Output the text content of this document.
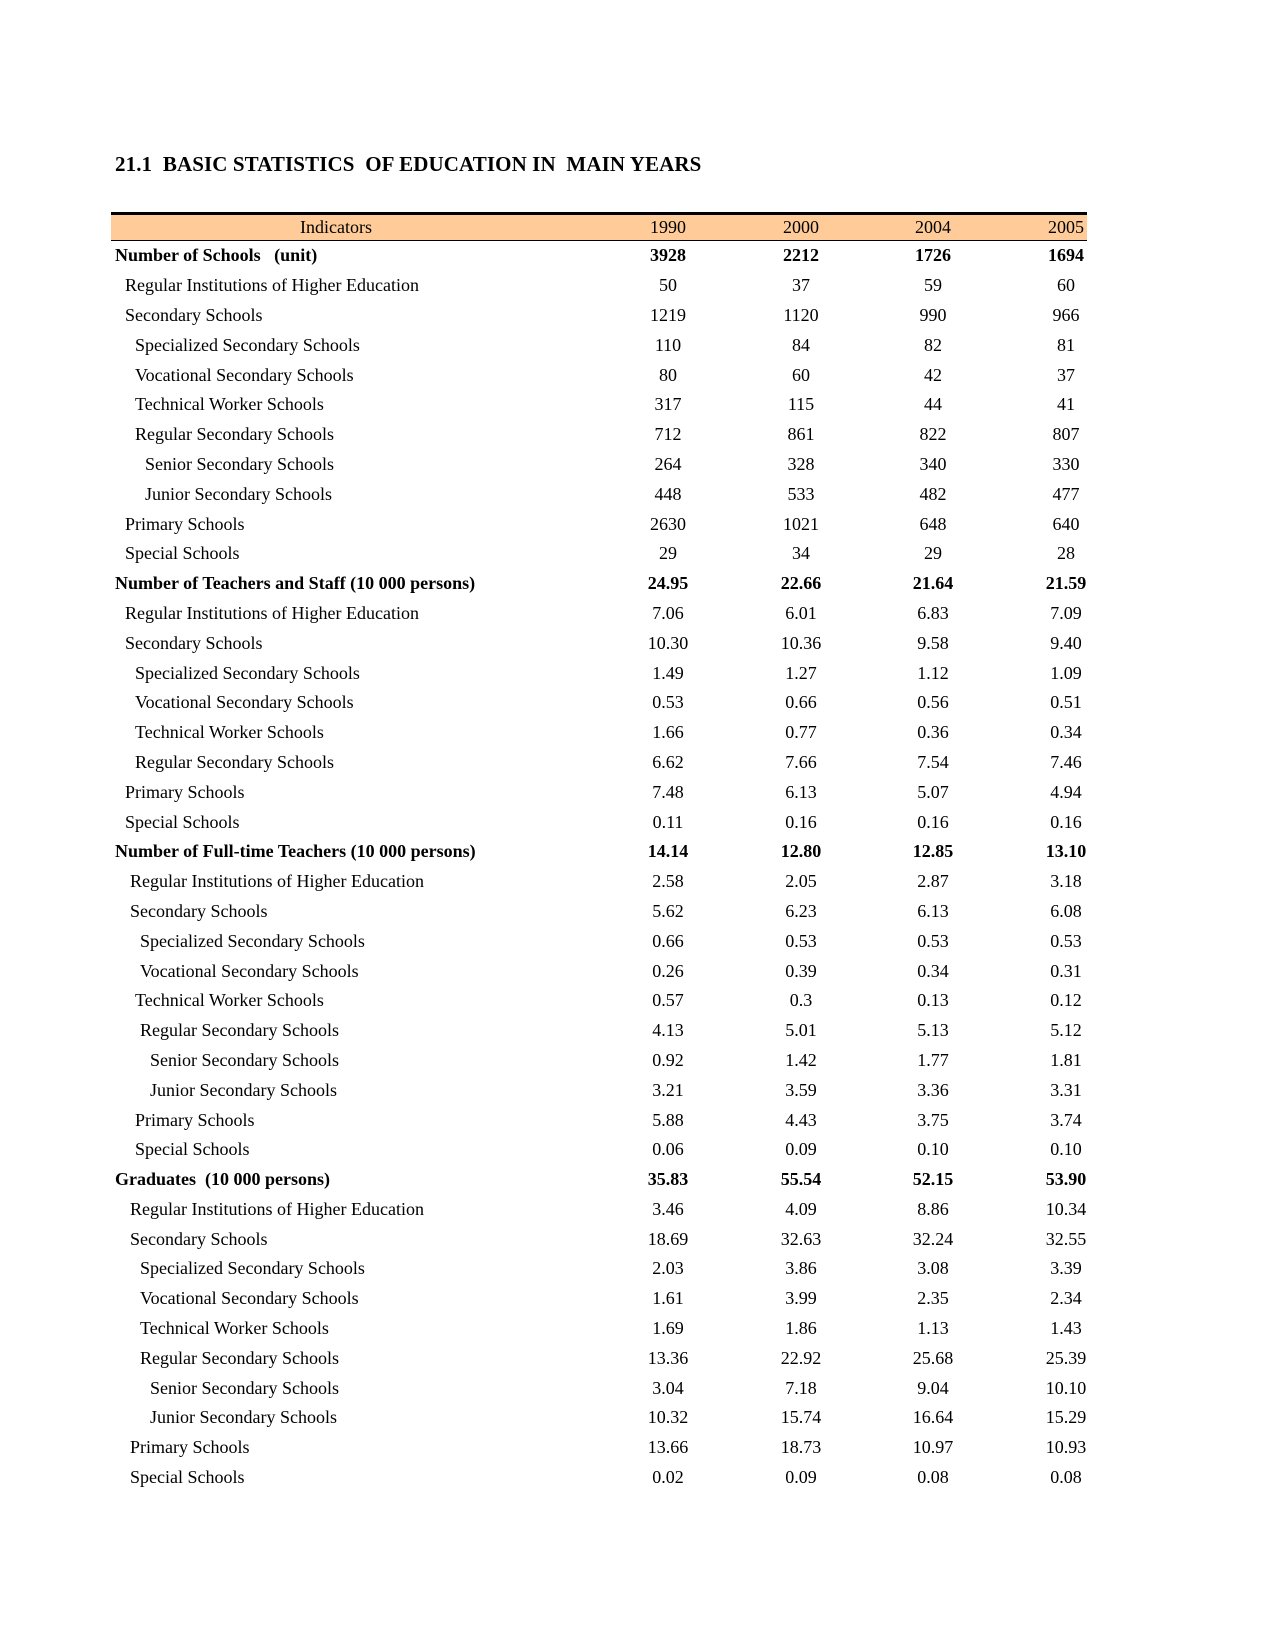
21.1  BASIC STATISTICS  OF EDUCATION IN  MAIN YEARS
Indicators	1990	2000	2004	2005
Number of Schools   (unit)	3928	2212	1726	1694
Regular Institutions of Higher Education	50	37	59	60
Secondary Schools	1219	1120	990	966
Specialized Secondary Schools	110	84	82	81
Vocational Secondary Schools	80	60	42	37
Technical Worker Schools	317	115	44	41
Regular Secondary Schools	712	861	822	807
Senior Secondary Schools	264	328	340	330
Junior Secondary Schools	448	533	482	477
Primary Schools	2630	1021	648	640
Special Schools	29	34	29	28
Number of Teachers and Staff (10 000 persons)	24.95	22.66	21.64	21.59
Regular Institutions of Higher Education	7.06	6.01	6.83	7.09
Secondary Schools	10.30	10.36	9.58	9.40
Specialized Secondary Schools	1.49	1.27	1.12	1.09
Vocational Secondary Schools	0.53	0.66	0.56	0.51
Technical Worker Schools	1.66	0.77	0.36	0.34
Regular Secondary Schools	6.62	7.66	7.54	7.46
Primary Schools	7.48	6.13	5.07	4.94
Special Schools	0.11	0.16	0.16	0.16
Number of Full-time Teachers (10 000 persons)	14.14	12.80	12.85	13.10
Regular Institutions of Higher Education	2.58	2.05	2.87	3.18
Secondary Schools	5.62	6.23	6.13	6.08
Specialized Secondary Schools	0.66	0.53	0.53	0.53
Vocational Secondary Schools	0.26	0.39	0.34	0.31
Technical Worker Schools	0.57	0.3	0.13	0.12
Regular Secondary Schools	4.13	5.01	5.13	5.12
Senior Secondary Schools	0.92	1.42	1.77	1.81
Junior Secondary Schools	3.21	3.59	3.36	3.31
Primary Schools	5.88	4.43	3.75	3.74
Special Schools	0.06	0.09	0.10	0.10
Graduates  (10 000 persons)	35.83	55.54	52.15	53.90
Regular Institutions of Higher Education	3.46	4.09	8.86	10.34
Secondary Schools	18.69	32.63	32.24	32.55
Specialized Secondary Schools	2.03	3.86	3.08	3.39
Vocational Secondary Schools	1.61	3.99	2.35	2.34
Technical Worker Schools	1.69	1.86	1.13	1.43
Regular Secondary Schools	13.36	22.92	25.68	25.39
Senior Secondary Schools	3.04	7.18	9.04	10.10
Junior Secondary Schools	10.32	15.74	16.64	15.29
Primary Schools	13.66	18.73	10.97	10.93
Special Schools	0.02	0.09	0.08	0.08
